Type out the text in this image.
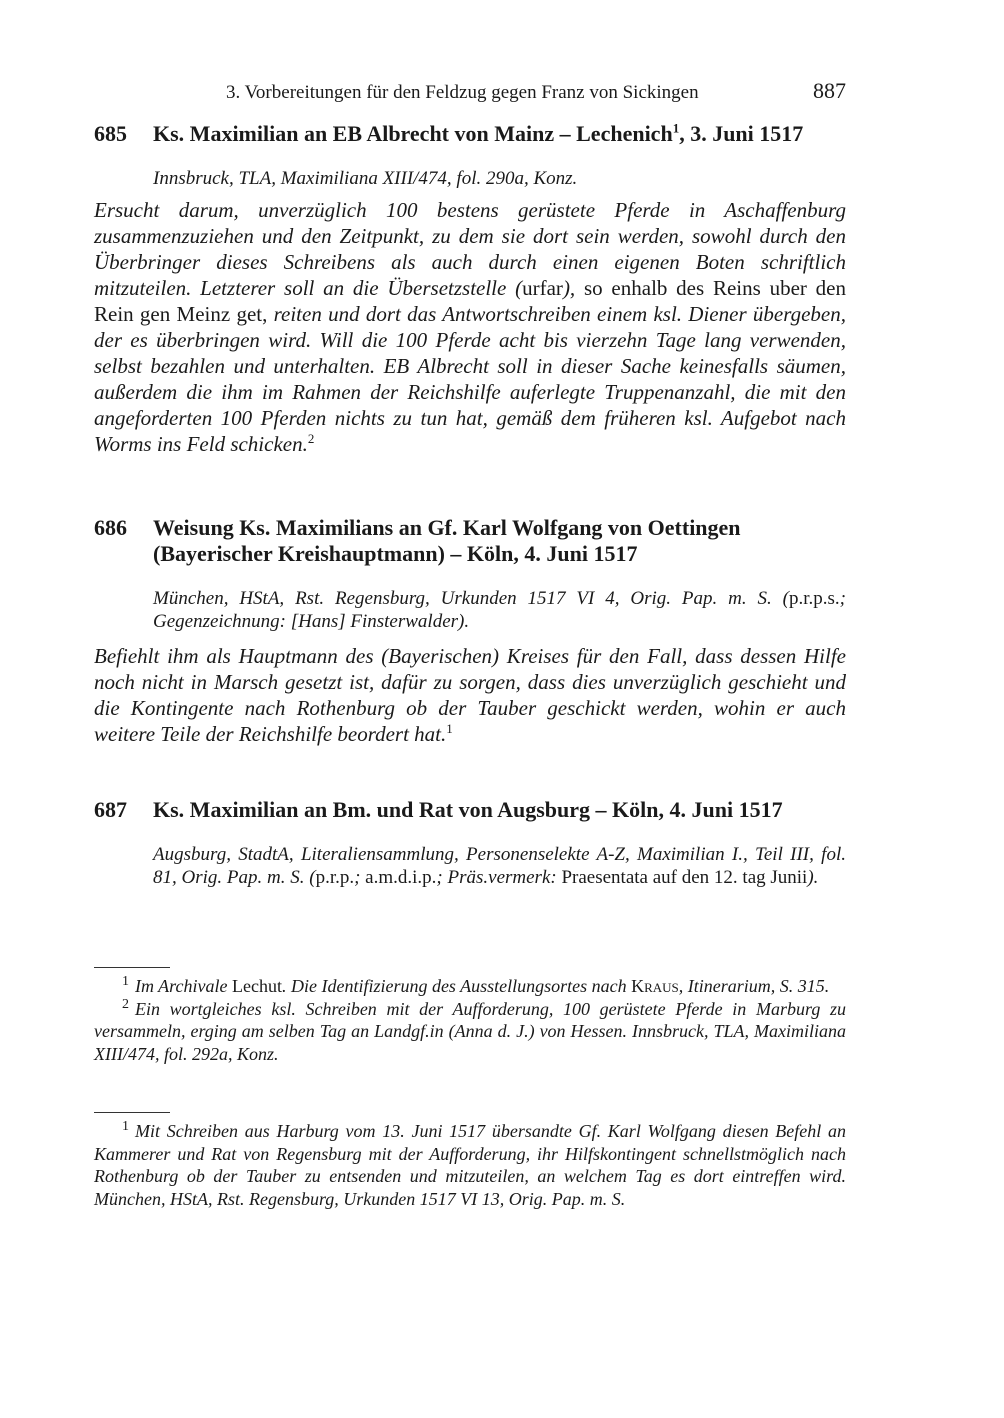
3. Vorbereitungen für den Feldzug gegen Franz von Sickingen	887
685 Ks. Maximilian an EB Albrecht von Mainz – Lechenich$^1$, 3. Juni 1517
Innsbruck, TLA, Maximiliana XIII/474, fol. 290a, Konz.
Ersucht darum, unverzüglich 100 bestens gerüstete Pferde in Aschaffenburg zusammenzuziehen und den Zeitpunkt, zu dem sie dort sein werden, sowohl durch den Überbringer dieses Schreibens als auch durch einen eigenen Boten schriftlich mitzuteilen. Letzterer soll an die Übersetzstelle (urfar), so enhalb des Reins uber den Rein gen Meinz get, reiten und dort das Antwortschreiben einem ksl. Diener übergeben, der es überbringen wird. Will die 100 Pferde acht bis vierzehn Tage lang verwenden, selbst bezahlen und unterhalten. EB Albrecht soll in dieser Sache keinesfalls säumen, außerdem die ihm im Rahmen der Reichshilfe auferlegte Truppenanzahl, die mit den angeforderten 100 Pferden nichts zu tun hat, gemäß dem früheren ksl. Aufgebot nach Worms ins Feld schicken.$^2$
686 Weisung Ks. Maximilians an Gf. Karl Wolfgang von Oettingen (Bayerischer Kreishauptmann) – Köln, 4. Juni 1517
München, HStA, Rst. Regensburg, Urkunden 1517 VI 4, Orig. Pap. m. S. (p.r.p.s.; Gegenzeichnung: [Hans] Finsterwalder).
Befiehlt ihm als Hauptmann des (Bayerischen) Kreises für den Fall, dass dessen Hilfe noch nicht in Marsch gesetzt ist, dafür zu sorgen, dass dies unverzüglich geschieht und die Kontingente nach Rothenburg ob der Tauber geschickt werden, wohin er auch weitere Teile der Reichshilfe beordert hat.$^1$
687 Ks. Maximilian an Bm. und Rat von Augsburg – Köln, 4. Juni 1517
Augsburg, StadtA, Literaliensammlung, Personenselekte A-Z, Maximilian I., Teil III, fol. 81, Orig. Pap. m. S. (p.r.p.; a.m.d.i.p.; Präs.vermerk: Praesentata auf den 12. tag Junii).

$^1$ Im Archivale Lechut. Die Identifizierung des Ausstellungsortes nach Kraus, Itinerarium, S. 315.

$^2$ Ein wortgleiches ksl. Schreiben mit der Aufforderung, 100 gerüstete Pferde in Marburg zu versammeln, erging am selben Tag an Landgf.in (Anna d. J.) von Hessen. Innsbruck, TLA, Maximiliana XIII/474, fol. 292a, Konz.

$^1$ Mit Schreiben aus Harburg vom 13. Juni 1517 übersandte Gf. Karl Wolfgang diesen Befehl an Kammerer und Rat von Regensburg mit der Aufforderung, ihr Hilfskontingent schnellstmöglich nach Rothenburg ob der Tauber zu entsenden und mitzuteilen, an welchem Tag es dort eintreffen wird. München, HStA, Rst. Regensburg, Urkunden 1517 VI 13, Orig. Pap. m. S.
